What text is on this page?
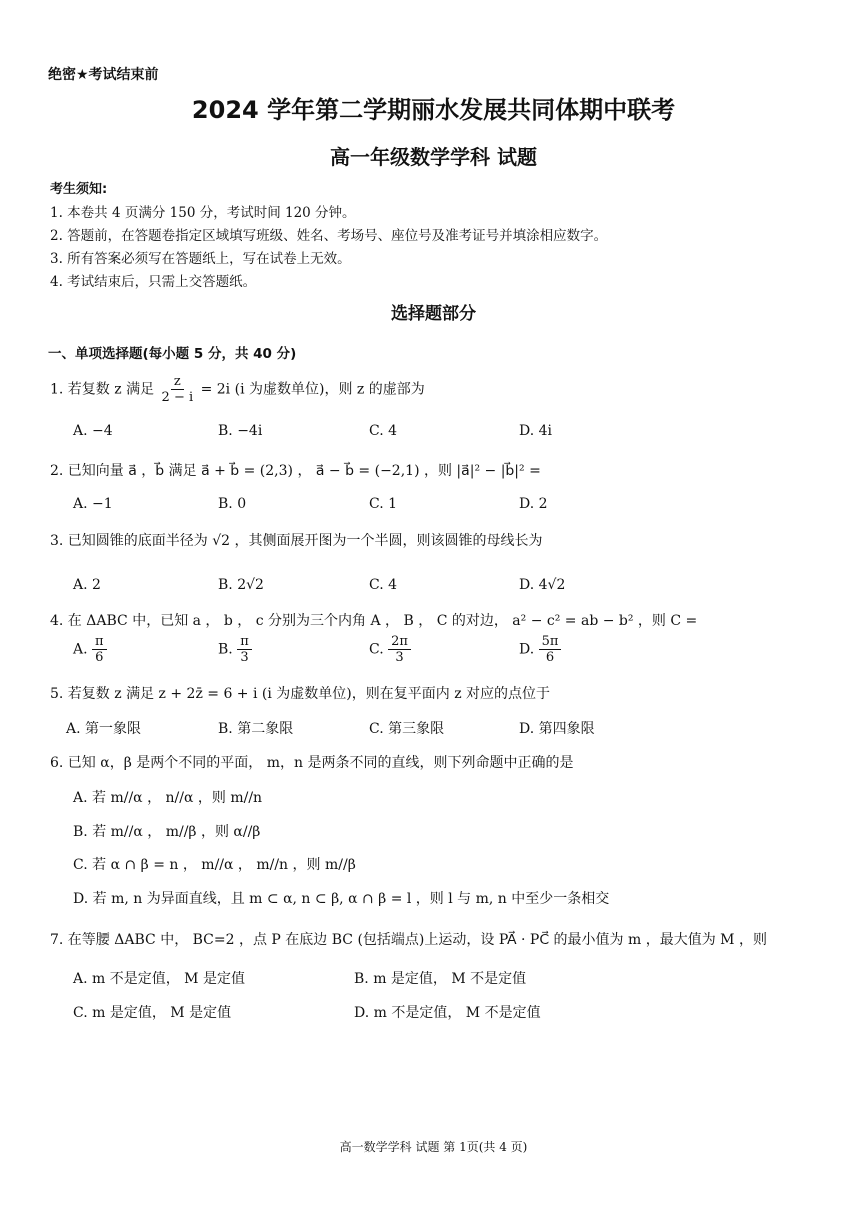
绝密★考试结束前
2024 学年第二学期丽水发展共同体期中联考
高一年级数学学科 试题
考生须知:
1. 本卷共 4 页满分 150 分，考试时间 120 分钟。
2. 答题前，在答题卷指定区域填写班级、姓名、考场号、座位号及准考证号并填涂相应数字。
3. 所有答案必须写在答题纸上，写在试卷上无效。
4. 考试结束后，只需上交答题纸。
选择题部分
一、单项选择题(每小题 5 分，共 40 分)
1. 若复数 z 满足 $\frac{z}{2 - i} = 2i$ (i 为虚数单位)，则 z 的虚部为
A. −4	B. −4i	C. 4	D. 4i
2. 已知向量 a⃗ ，b⃗ 满足 a⃗ + b⃗ = (2,3) ， a⃗ − b⃗ = (−2,1) ，则 |a⃗|² − |b⃗|² =
A. −1	B. 0	C. 1	D. 2
3. 已知圆锥的底面半径为 √2 ，其侧面展开图为一个半圆，则该圆锥的母线长为
A. 2	B. 2√2	C. 4	D. 4√2
4. 在 ΔABC 中，已知 a ， b ， c 分别为三个内角 A ， B ， C 的对边， a² − c² = ab − b² ，则 C =
A. $\frac{\pi}{6}$	B. $\frac{\pi}{3}$	C. $\frac{2\pi}{3}$	D. $\frac{5\pi}{6}$
5. 若复数 z 满足 z + 2z̄ = 6 + i (i 为虚数单位)，则在复平面内 z 对应的点位于
A. 第一象限	B. 第二象限	C. 第三象限	D. 第四象限
6. 已知 α，β 是两个不同的平面， m，n 是两条不同的直线，则下列命题中正确的是
A. 若 m//α ， n//α ，则 m//n
B. 若 m//α ， m//β ，则 α//β
C. 若 α ∩ β = n ， m//α ， m//n ，则 m//β
D. 若 m, n 为异面直线，且 m ⊂ α, n ⊂ β, α ∩ β = l ，则 l 与 m, n 中至少一条相交
7. 在等腰 ΔABC 中， BC=2 ，点 P 在底边 BC (包括端点)上运动，设 PA⃗ · PC⃗ 的最小值为 m ，最大值为 M ，则
A. m 不是定值， M 是定值	B. m 是定值， M 不是定值
C. m 是定值， M 是定值	D. m 不是定值， M 不是定值
高一数学学科 试题 第 1页(共 4 页)
